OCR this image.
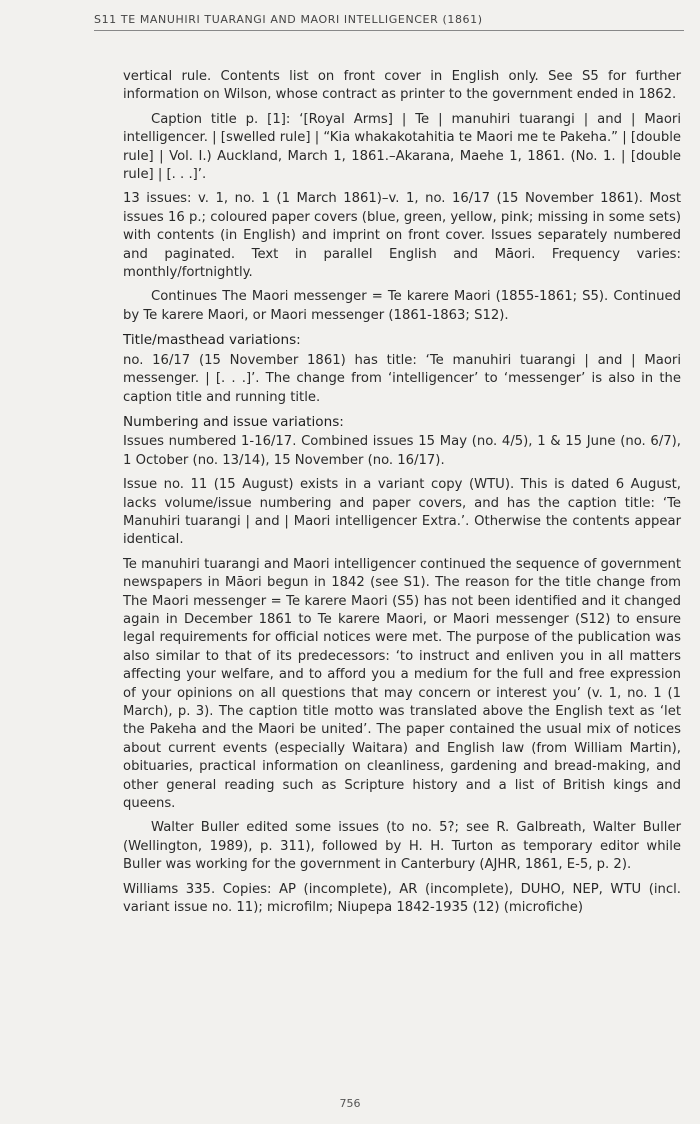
S11 TE MANUHIRI TUARANGI AND MAORI INTELLIGENCER (1861)

vertical rule. Contents list on front cover in English only. See S5 for further information on Wilson, whose contract as printer to the government ended in 1862.

Caption title p. [1]: ‘[Royal Arms] | Te | manuhiri tuarangi | and | Maori intelligencer. | [swelled rule] | “Kia whakakotahitia te Maori me te Pakeha.” | [double rule] | Vol. I.) Auckland, March 1, 1861.–Akarana, Maehe 1, 1861. (No. 1. | [double rule] | [. . .]’.

13 issues: v. 1, no. 1 (1 March 1861)–v. 1, no. 16/17 (15 November 1861). Most issues 16 p.; coloured paper covers (blue, green, yellow, pink; missing in some sets) with contents (in English) and imprint on front cover. Issues separately numbered and paginated. Text in parallel English and Māori. Frequency varies: monthly/fortnightly.

Continues The Maori messenger = Te karere Maori (1855-1861; S5). Continued by Te karere Maori, or Maori messenger (1861-1863; S12).

Title/masthead variations:

no. 16/17 (15 November 1861) has title: ‘Te manuhiri tuarangi | and | Maori messenger. | [. . .]’. The change from ‘intelligencer’ to ‘messenger’ is also in the caption title and running title.

Numbering and issue variations:

Issues numbered 1-16/17. Combined issues 15 May (no. 4/5), 1 & 15 June (no. 6/7), 1 October (no. 13/14), 15 November (no. 16/17).

Issue no. 11 (15 August) exists in a variant copy (WTU). This is dated 6 August, lacks volume/issue numbering and paper covers, and has the caption title: ‘Te Manuhiri tuarangi | and | Maori intelligencer Extra.’. Otherwise the contents appear identical.

Te manuhiri tuarangi and Maori intelligencer continued the sequence of government newspapers in Māori begun in 1842 (see S1). The reason for the title change from The Maori messenger = Te karere Maori (S5) has not been identified and it changed again in December 1861 to Te karere Maori, or Maori messenger (S12) to ensure legal requirements for official notices were met. The purpose of the publication was also similar to that of its predecessors: ‘to instruct and enliven you in all matters affecting your welfare, and to afford you a medium for the full and free expression of your opinions on all questions that may concern or interest you’ (v. 1, no. 1 (1 March), p. 3). The caption title motto was translated above the English text as ‘let the Pakeha and the Maori be united’. The paper contained the usual mix of notices about current events (especially Waitara) and English law (from William Martin), obituaries, practical information on cleanliness, gardening and bread-making, and other general reading such as Scripture history and a list of British kings and queens.

Walter Buller edited some issues (to no. 5?; see R. Galbreath, Walter Buller (Wellington, 1989), p. 311), followed by H. H. Turton as temporary editor while Buller was working for the government in Canterbury (AJHR, 1861, E-5, p. 2).

Williams 335. Copies: AP (incomplete), AR (incomplete), DUHO, NEP, WTU (incl. variant issue no. 11); microfilm; Niupepa 1842-1935 (12) (microfiche)

756
